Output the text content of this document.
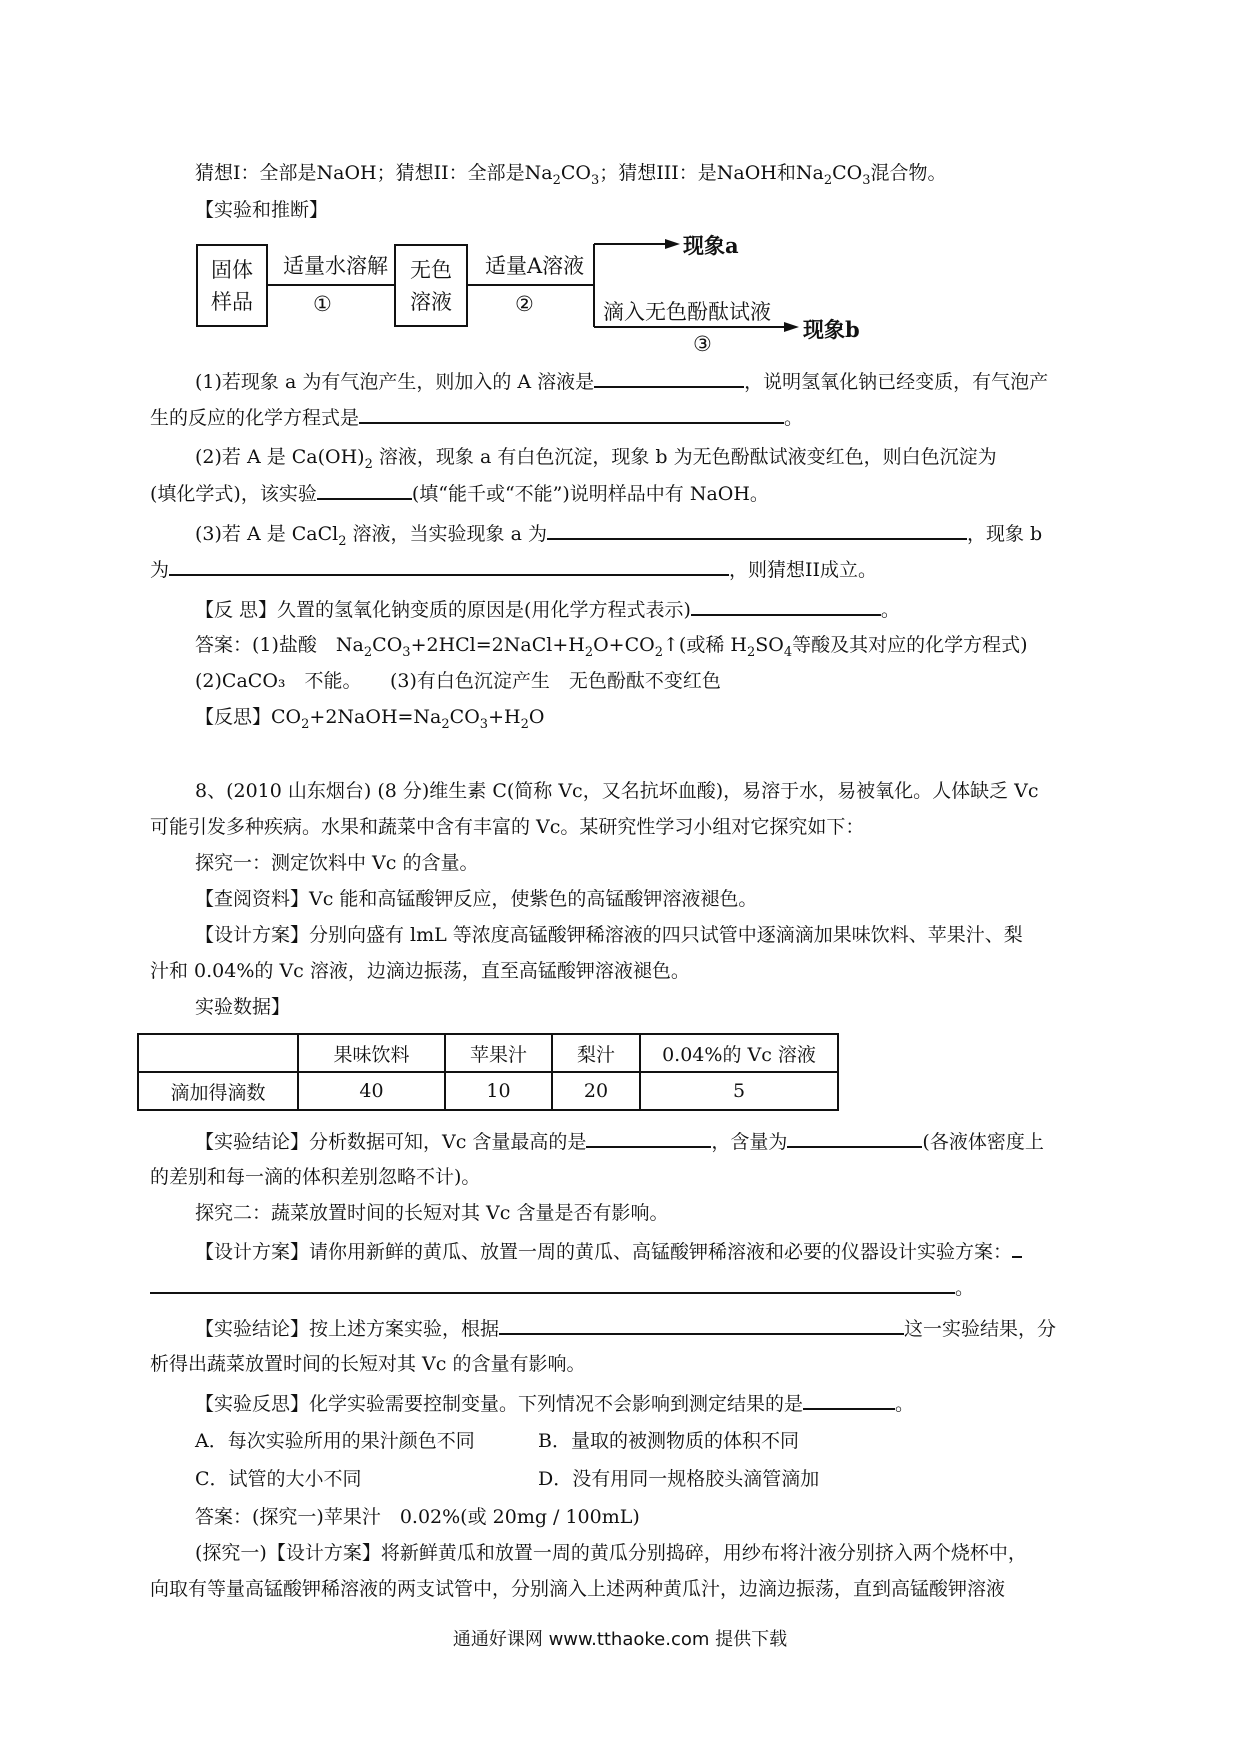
猜想I：全部是NaOH；猜想II：全部是$Na_2CO_3$；猜想III：是NaOH和$Na_2CO_3$混合物。
【实验和推断】
固体
样品
无色
溶液
适量水溶解
①
适量A溶液
②	滴入无色酚酞试液
③
现象a
现象b
(1)若现象 a 为有气泡产生，则加入的 A 溶液是	，说明氢氧化钠已经变质，有气泡产
生的反应的化学方程式是	。
(2)若 A 是 $Ca(OH)_2$ 溶液，现象 a 有白色沉淀，现象 b 为无色酚酞试液变红色，则白色沉淀为
(填化学式)，该实验	(填“能千或“不能”)说明样品中有 NaOH。
(3)若 A 是 CaCl$_2$ 溶液，当实验现象 a 为	，现象 b
为	，则猜想II成立。
【反 思】久置的氢氧化钠变质的原因是(用化学方程式表示)	。
答案：(1)盐酸　$Na_2CO_3+2HCl=2NaCl+H_2O+CO_2↑$(或稀 $H_2SO_4$等酸及其对应的化学方程式)
(2)CaCO₃　不能。　　(3)有白色沉淀产生　无色酚酞不变红色
【反思】$CO_2+2NaOH=Na_2CO_3+H_2O$
8、(2010 山东烟台) (8 分)维生素 C(简称 Vc，又名抗坏血酸)，易溶于水，易被氧化。人体缺乏 Vc
可能引发多种疾病。水果和蔬菜中含有丰富的 Vc。某研究性学习小组对它探究如下：
探究一：测定饮料中 Vc 的含量。
【查阅资料】Vc 能和高锰酸钾反应，使紫色的高锰酸钾溶液褪色。
【设计方案】分别向盛有 lmL 等浓度高锰酸钾稀溶液的四只试管中逐滴滴加果味饮料、苹果汁、梨
汁和 0.04%的 Vc 溶液，边滴边振荡，直至高锰酸钾溶液褪色。
实验数据】
	果味饮料	苹果汁	梨汁	0.04%的 Vc 溶液
滴加得滴数	40	10	20	5
【实验结论】分析数据可知，Vc 含量最高的是	，含量为	(各液体密度上
的差别和每一滴的体积差别忽略不计)。
探究二：蔬菜放置时间的长短对其 Vc 含量是否有影响。
【设计方案】请你用新鲜的黄瓜、放置一周的黄瓜、高锰酸钾稀溶液和必要的仪器设计实验方案：
。
【实验结论】按上述方案实验，根据	这一实验结果，分
析得出蔬菜放置时间的长短对其 Vc 的含量有影响。
【实验反思】化学实验需要控制变量。下列情况不会影响到测定结果的是	。
A．每次实验所用的果汁颜色不同	B．量取的被测物质的体积不同
C．试管的大小不同	D．没有用同一规格胶头滴管滴加
答案：(探究一)苹果汁　0.02%(或 20mg / 100mL)
(探究一)【设计方案】将新鲜黄瓜和放置一周的黄瓜分别捣碎，用纱布将汁液分别挤入两个烧杯中，
向取有等量高锰酸钾稀溶液的两支试管中，分别滴入上述两种黄瓜汁，边滴边振荡，直到高锰酸钾溶液
通通好课网 www.tthaoke.com 提供下载
